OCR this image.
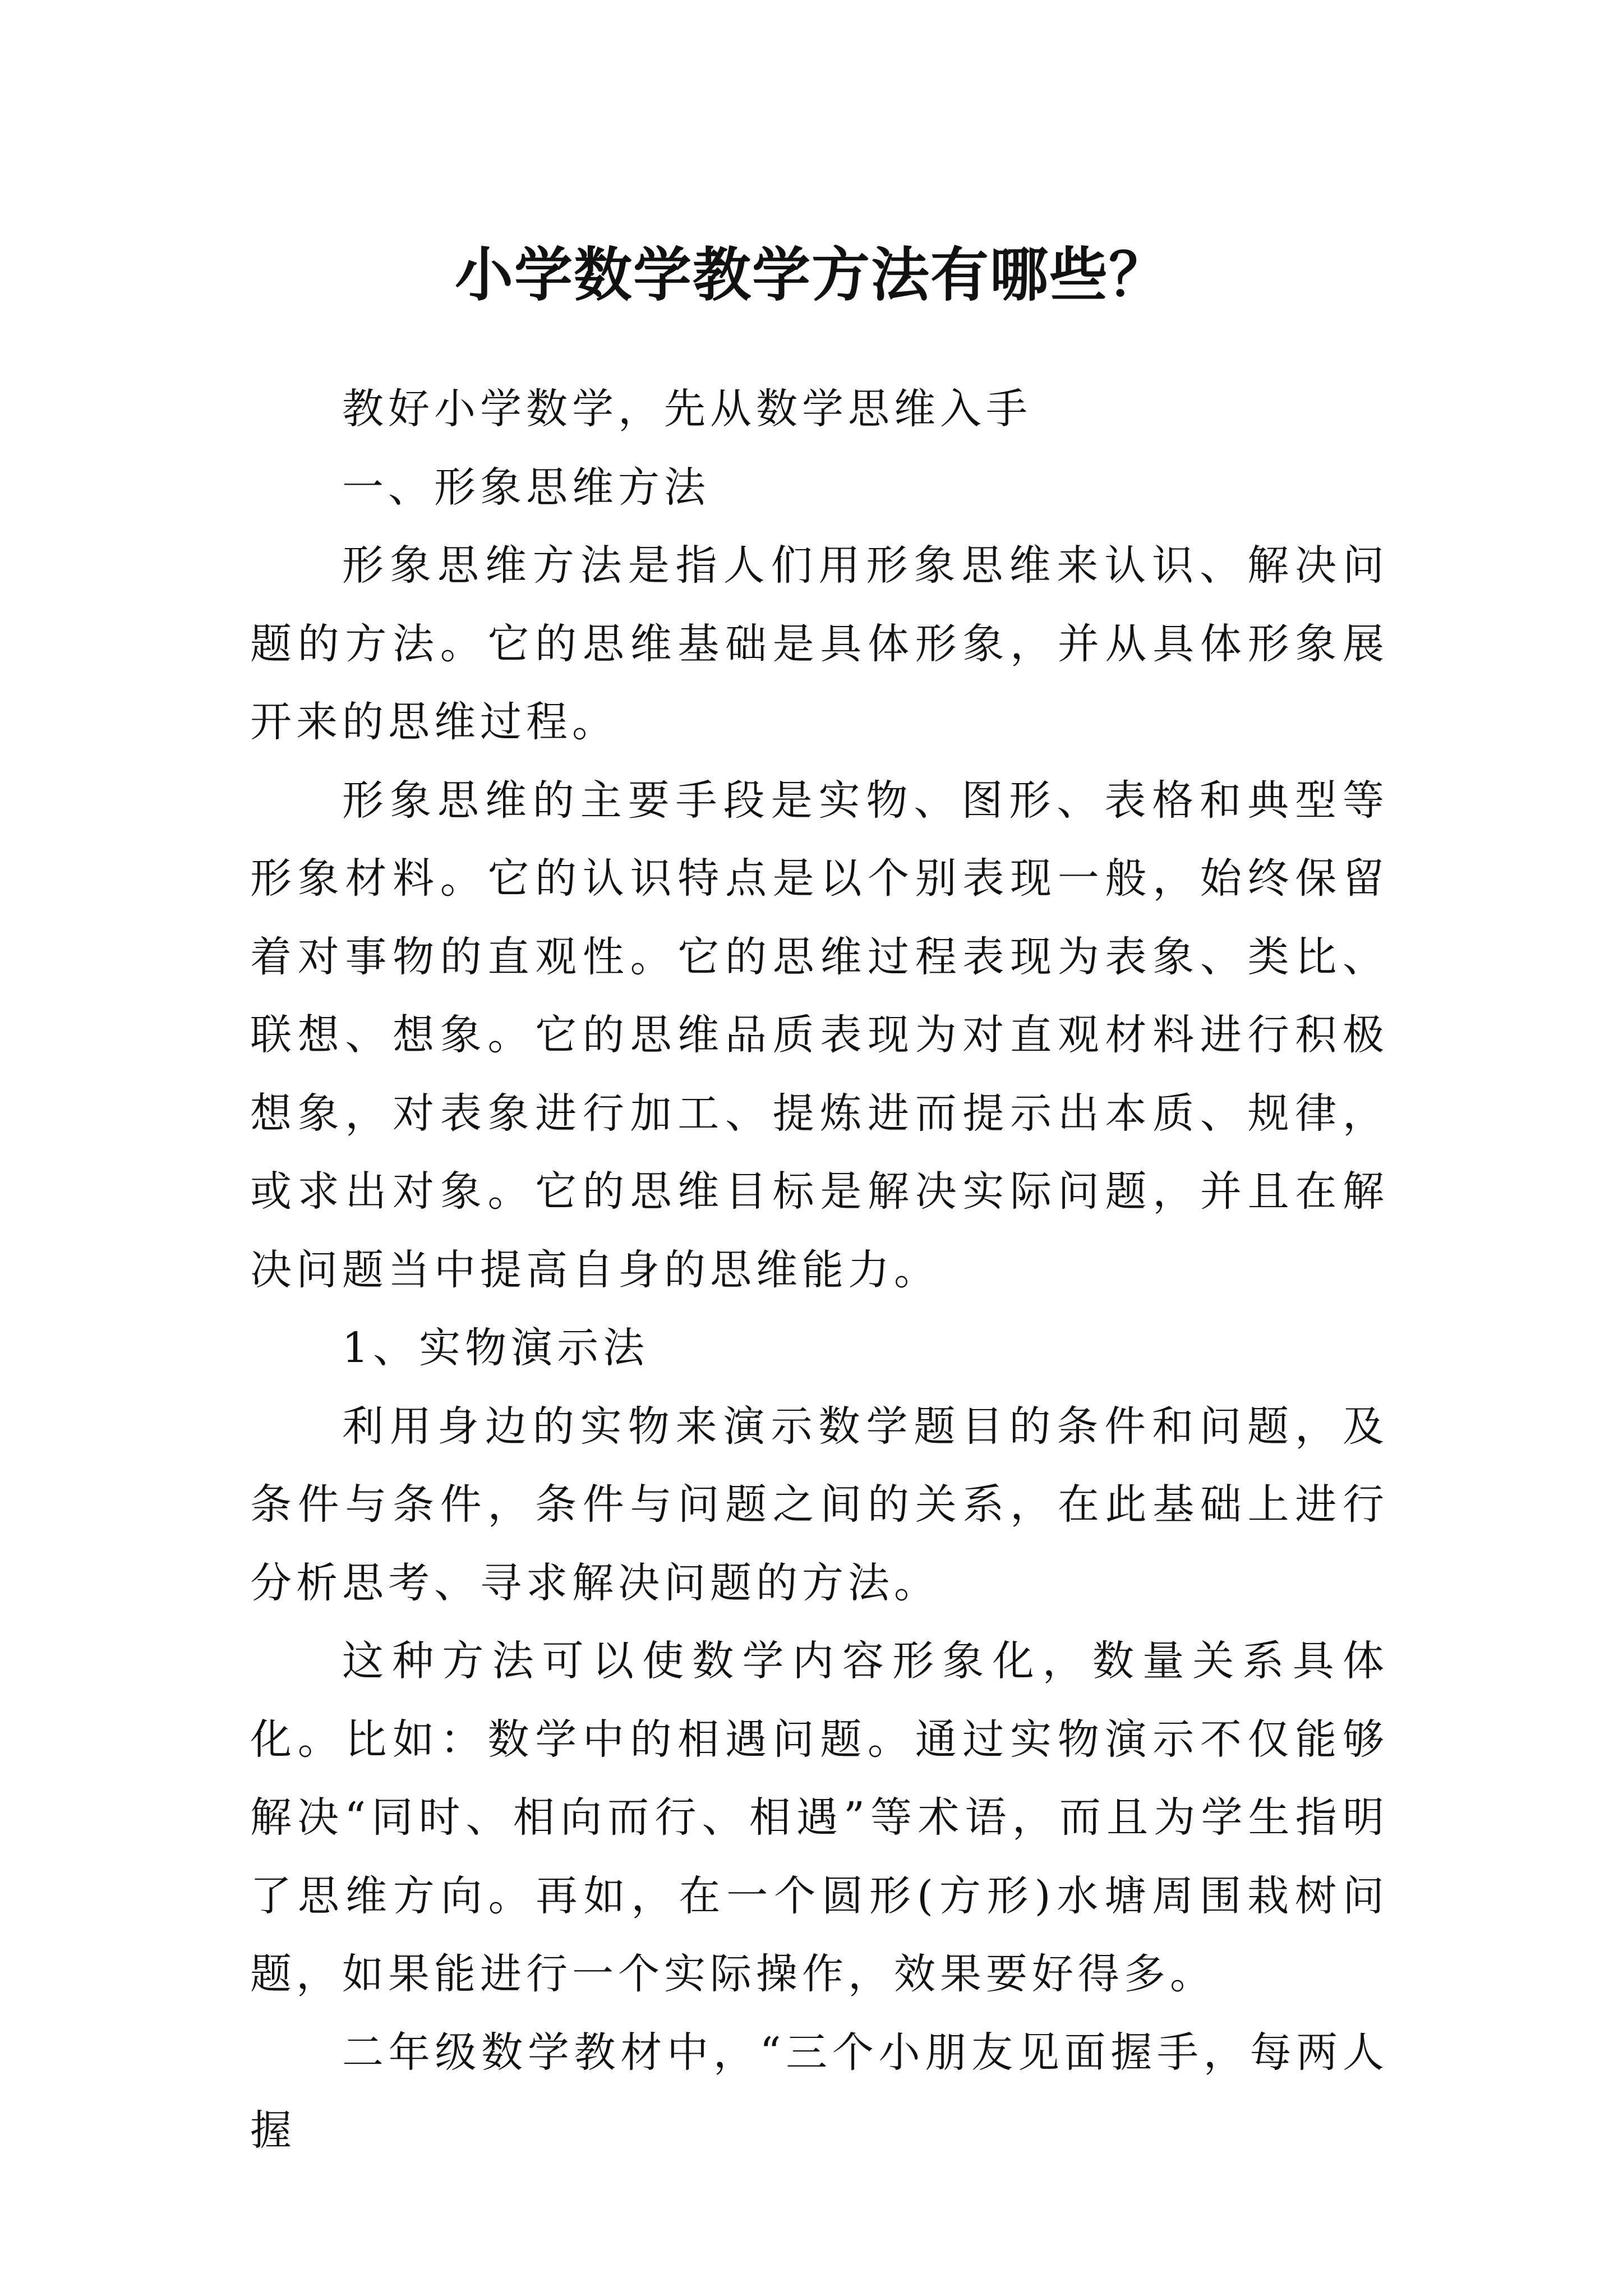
小学数学教学方法有哪些？

教好小学数学，先从数学思维入手

一、形象思维方法

形象思维方法是指人们用形象思维来认识、解决问题的方法。它的思维基础是具体形象，并从具体形象展开来的思维过程。

形象思维的主要手段是实物、图形、表格和典型等形象材料。它的认识特点是以个别表现一般，始终保留着对事物的直观性。它的思维过程表现为表象、类比、联想、想象。它的思维品质表现为对直观材料进行积极想象，对表象进行加工、提炼进而提示出本质、规律，或求出对象。它的思维目标是解决实际问题，并且在解决问题当中提高自身的思维能力。

1、实物演示法

利用身边的实物来演示数学题目的条件和问题，及条件与条件，条件与问题之间的关系，在此基础上进行分析思考、寻求解决问题的方法。

这种方法可以使数学内容形象化，数量关系具体化。比如：数学中的相遇问题。通过实物演示不仅能够解决“同时、相向而行、相遇”等术语，而且为学生指明了思维方向。再如，在一个圆形(方形)水塘周围栽树问题，如果能进行一个实际操作，效果要好得多。

二年级数学教材中，“三个小朋友见面握手，每两人握
